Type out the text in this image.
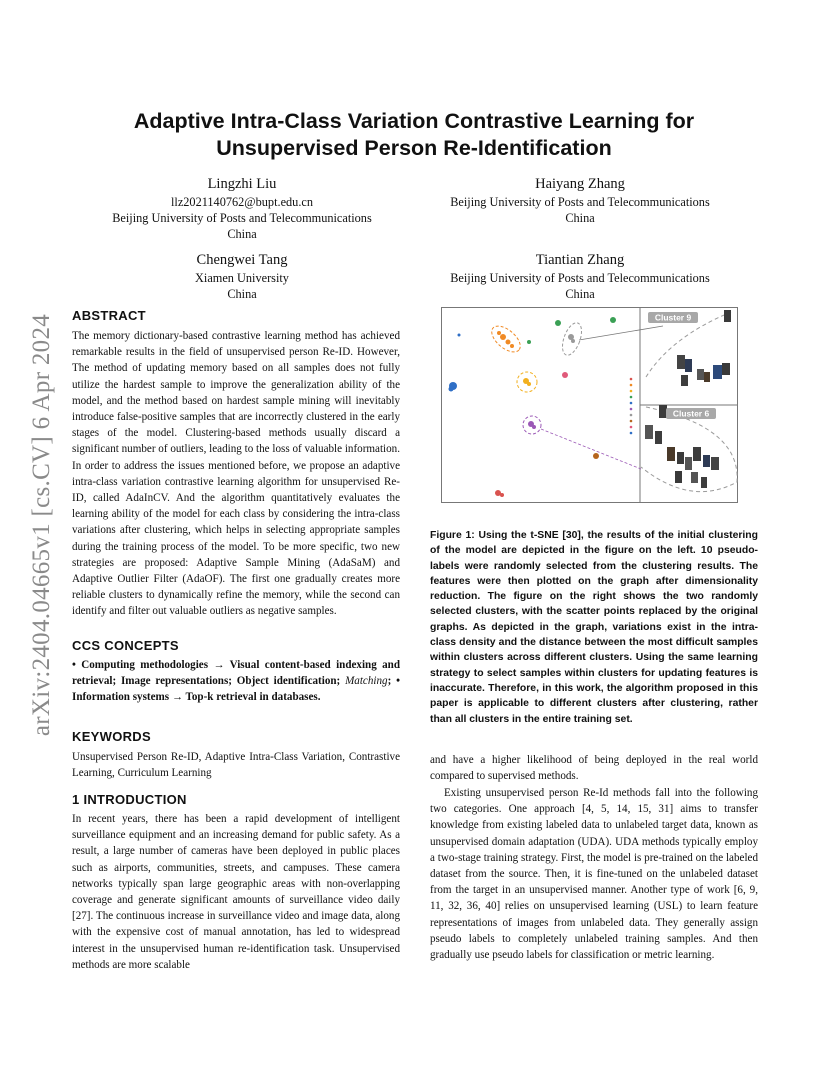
arXiv:2404.04665v1 [cs.CV] 6 Apr 2024
Adaptive Intra-Class Variation Contrastive Learning for
Unsupervised Person Re-Identification
Lingzhi Liu
llz2021140762@bupt.edu.cn
Beijing University of Posts and Telecommunications
China
Haiyang Zhang
Beijing University of Posts and Telecommunications
China
Chengwei Tang
Xiamen University
China
Tiantian Zhang
Beijing University of Posts and Telecommunications
China
ABSTRACT

The memory dictionary-based contrastive learning method has achieved remarkable results in the field of unsupervised person Re-ID. However, The method of updating memory based on all samples does not fully utilize the hardest sample to improve the generalization ability of the model, and the method based on hardest sample mining will inevitably introduce false-positive samples that are incorrectly clustered in the early stages of the model. Clustering-based methods usually discard a significant number of outliers, leading to the loss of valuable information. In order to address the issues mentioned before, we propose an adaptive intra-class variation contrastive learning algorithm for unsupervised Re-ID, called AdaInCV. And the algorithm quantitatively evaluates the learning ability of the model for each class by considering the intra-class variations after clustering, which helps in selecting appropriate samples during the training process of the model. To be more specific, two new strategies are proposed: Adaptive Sample Mining (AdaSaM) and Adaptive Outlier Filter (AdaOF). The first one gradually creates more reliable clusters to dynamically refine the memory, while the second can identify and filter out valuable outliers as negative samples.

CCS CONCEPTS

• Computing methodologies → Visual content-based indexing and retrieval; Image representations; Object identification; Matching; • Information systems → Top-k retrieval in databases.

KEYWORDS

Unsupervised Person Re-ID, Adaptive Intra-Class Variation, Contrastive Learning, Curriculum Learning

1 INTRODUCTION

In recent years, there has been a rapid development of intelligent surveillance equipment and an increasing demand for public safety. As a result, a large number of cameras have been deployed in public places such as airports, communities, streets, and campuses. These camera networks typically span large geographic areas with non-overlapping coverage and generate significant amounts of surveillance video daily [27]. The continuous increase in surveillance video and image data, along with the expensive cost of manual annotation, has led to widespread interest in the unsupervised human re-identification task. Unsupervised methods are more scalable

and have a higher likelihood of being deployed in the real world compared to supervised methods.

Existing unsupervised person Re-Id methods fall into the following two categories. One approach [4, 5, 14, 15, 31] aims to transfer knowledge from existing labeled data to unlabeled target data, known as unsupervised domain adaptation (UDA). UDA methods typically employ a two-stage training strategy. First, the model is pre-trained on the labeled dataset from the source. Then, it is fine-tuned on the unlabeled dataset from the target in an unsupervised manner. Another type of work [6, 9, 11, 32, 36, 40] relies on unsupervised learning (USL) to learn feature representations of images from unlabeled data. They generally assign pseudo labels to completely unlabeled training samples. And then gradually use pseudo labels for classification or metric learning.

Cluster 9
Cluster 6

Figure 1: Using the t-SNE [30], the results of the initial clustering of the model are depicted in the figure on the left. 10 pseudo-labels were randomly selected from the clustering results. The features were then plotted on the graph after dimensionality reduction. The figure on the right shows the two randomly selected clusters, with the scatter points replaced by the original graphs. As depicted in the graph, variations exist in the intra-class density and the distance between the most difficult samples within clusters across different clusters. Using the same learning strategy to select samples within clusters for updating features is inaccurate. Therefore, in this work, the algorithm proposed in this paper is applicable to different clusters after clustering, rather than all clusters in the entire training set.
